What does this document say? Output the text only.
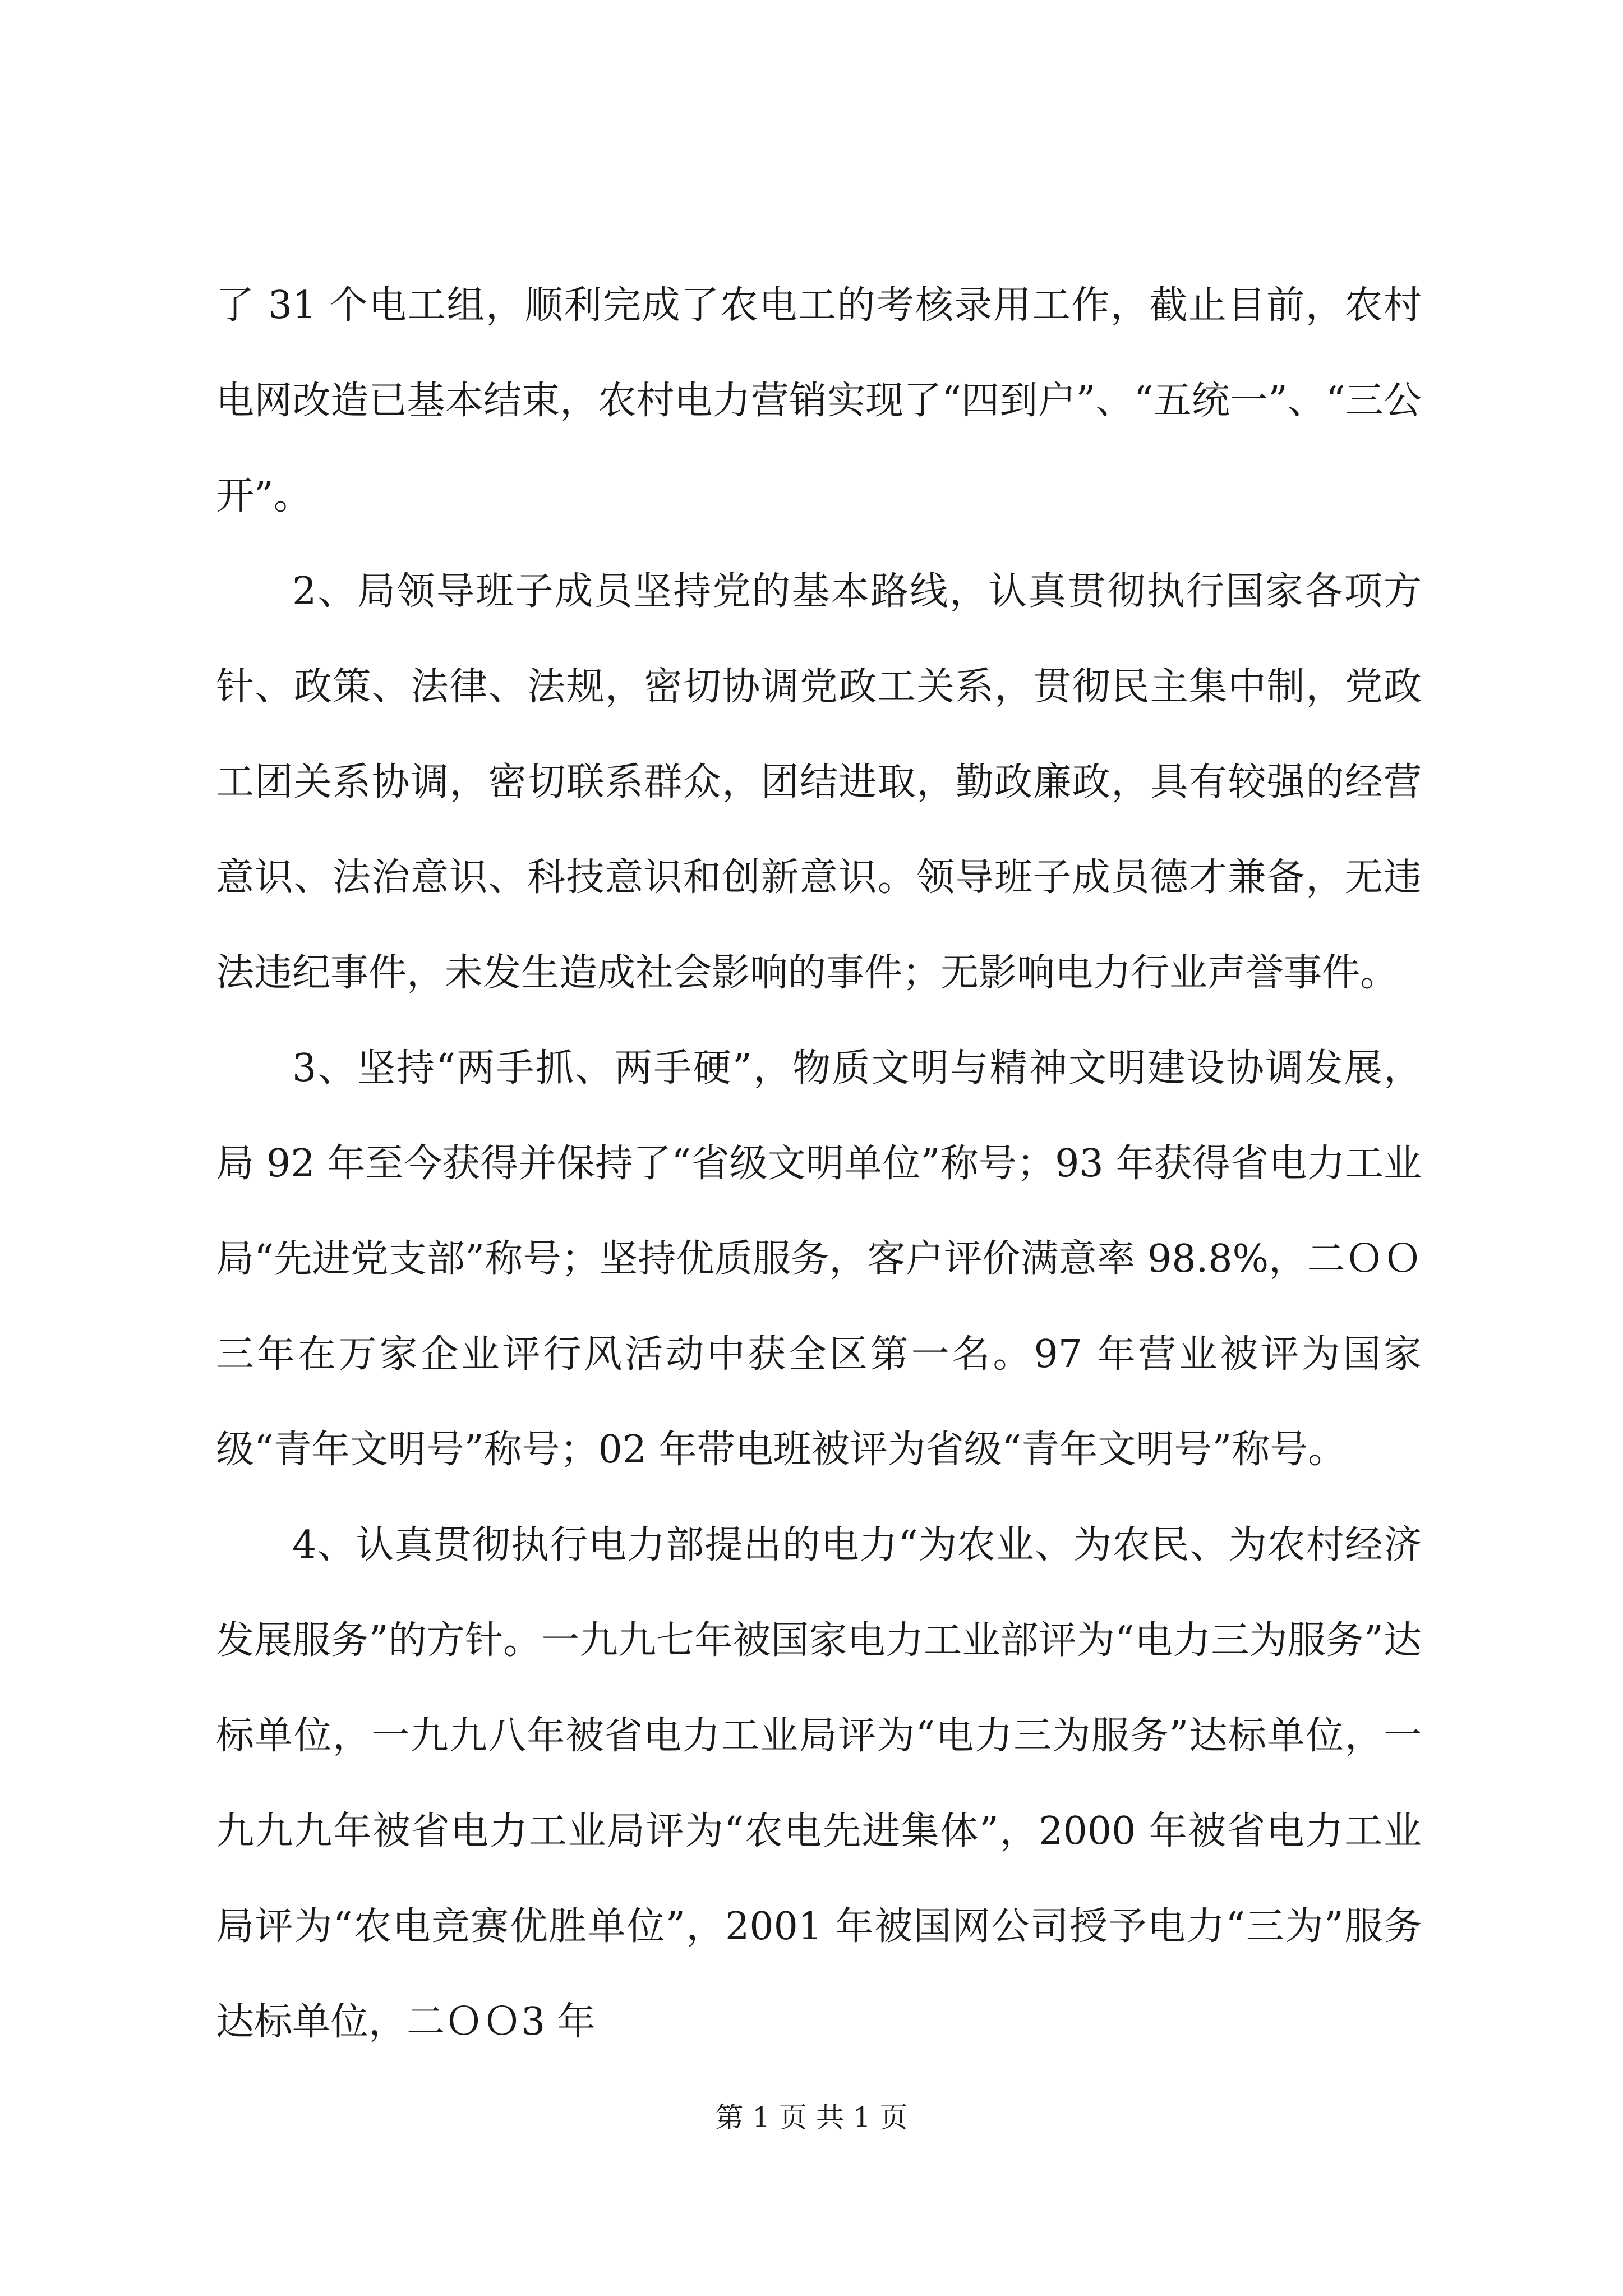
了 31 个电工组，顺利完成了农电工的考核录用工作，截止目前，农村电网改造已基本结束，农村电力营销实现了“四到户”、“五统一”、“三公开”。

2、局领导班子成员坚持党的基本路线，认真贯彻执行国家各项方针、政策、法律、法规，密切协调党政工关系，贯彻民主集中制，党政工团关系协调，密切联系群众，团结进取，勤政廉政，具有较强的经营意识、法治意识、科技意识和创新意识。领导班子成员德才兼备，无违法违纪事件，未发生造成社会影响的事件；无影响电力行业声誉事件。

3、坚持“两手抓、两手硬”，物质文明与精神文明建设协调发展，局 92 年至今获得并保持了“省级文明单位”称号；93 年获得省电力工业局“先进党支部”称号；坚持优质服务，客户评价满意率 98.8%，二ＯＯ三年在万家企业评行风活动中获全区第一名。97 年营业被评为国家级“青年文明号”称号；02 年带电班被评为省级“青年文明号”称号。

4、认真贯彻执行电力部提出的电力“为农业、为农民、为农村经济发展服务”的方针。一九九七年被国家电力工业部评为“电力三为服务”达标单位，一九九八年被省电力工业局评为“电力三为服务”达标单位，一九九九年被省电力工业局评为“农电先进集体”，2000 年被省电力工业局评为“农电竞赛优胜单位”，2001 年被国网公司授予电力“三为”服务达标单位，二ＯＯ3 年

第 1 页 共 1 页
